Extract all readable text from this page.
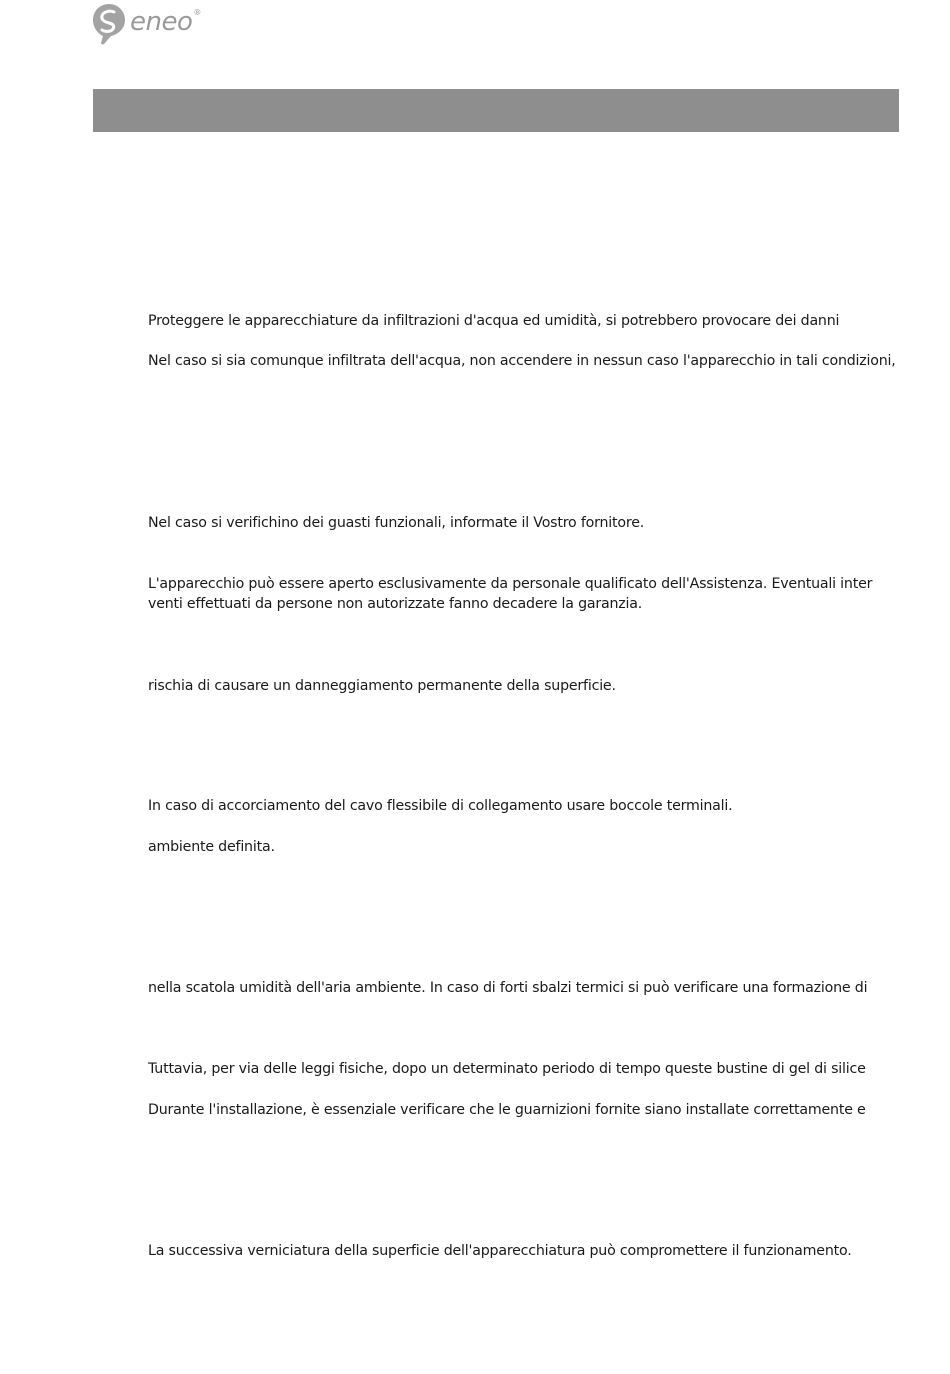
eneo®

Proteggere le apparecchiature da infiltrazioni d'acqua ed umidità, si potrebbero provocare dei danni

Nel caso si sia comunque infiltrata dell'acqua, non accendere in nessun caso l'apparecchio in tali condizioni,

Nel caso si verifichino dei guasti funzionali, informate il Vostro fornitore.

L'apparecchio può essere aperto esclusivamente da personale qualificato dell'Assistenza. Eventuali inter

venti effettuati da persone non autorizzate fanno decadere la garanzia.

rischia di causare un danneggiamento permanente della superficie.

In caso di accorciamento del cavo flessibile di collegamento usare boccole terminali.

ambiente definita.

nella scatola umidità dell'aria ambiente. In caso di forti sbalzi termici si può verificare una formazione di

Tuttavia, per via delle leggi fisiche, dopo un determinato periodo di tempo queste bustine di gel di silice

Durante l'installazione, è essenziale verificare che le guarnizioni fornite siano installate correttamente e

La successiva verniciatura della superficie dell'apparecchiatura può compromettere il funzionamento.
